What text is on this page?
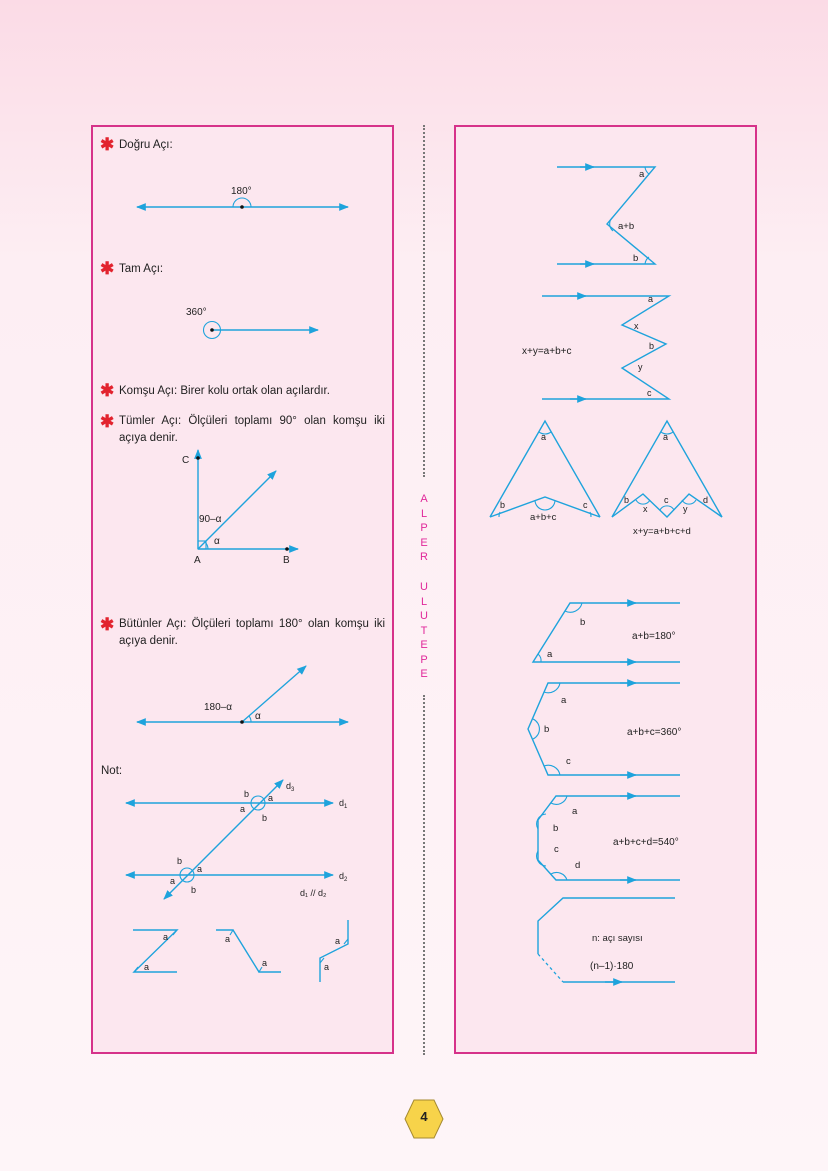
✱ Doğru Açı:
✱ Tam Açı:
✱ Komşu Açı: Birer kolu ortak olan açılardır.
✱ Tümler Açı: Ölçüleri toplamı 90° olan komşu iki
açıya denir.
✱ Bütünler Açı: Ölçüleri toplamı 180° olan komşu iki
açıya denir.
Not:
A
L
P
E
R
U
L
U
T
E
P
E
180°
360°
C
A	B
90–α
α
180–α
α
b a
a
b
b
a
a
b
$d_3$
$d_1$
$d_2$
d₁ // d₂
a
a
a
a
a
a
a
a+b
b
x+y=a+b+c
a
x
b
y
c
a
b	c
a+b+c
a
b
x
c
y
d
x+y=a+b+c+d
b
a
a+b=180°
a
b
c
a+b+c=360°
a
b
c
d
a+b+c+d=540°
n: açı sayısı
(n–1)·180
4
